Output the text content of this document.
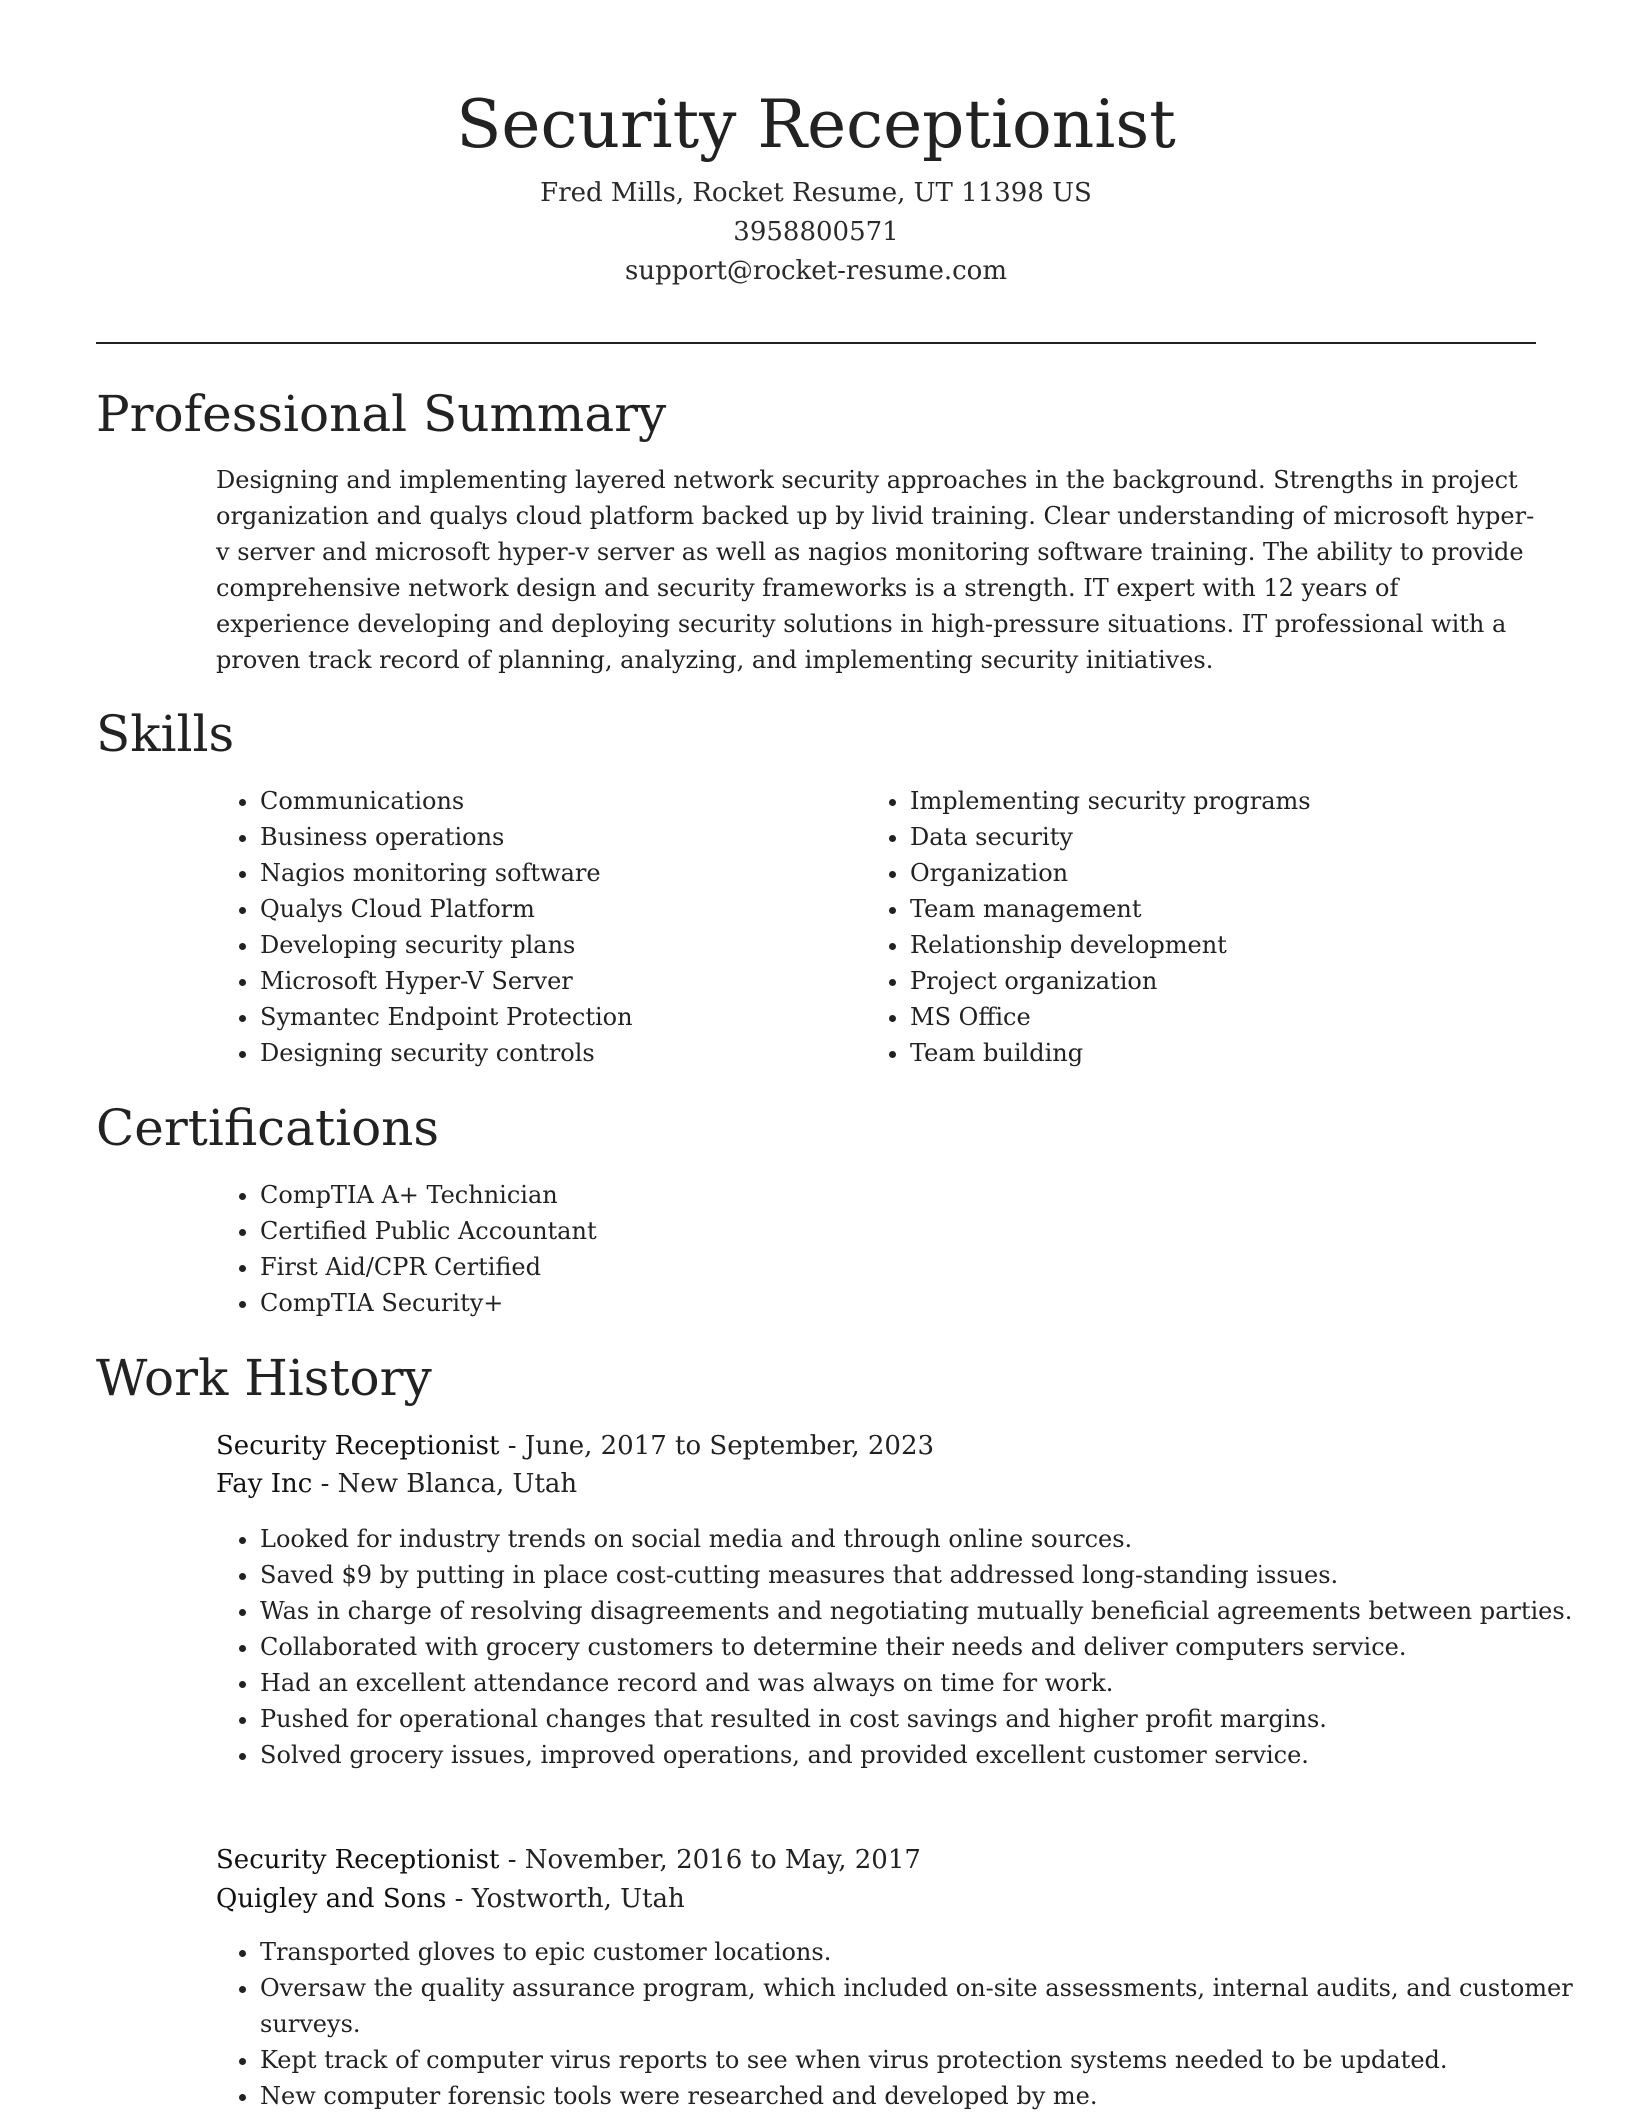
Security Receptionist
Fred Mills, Rocket Resume, UT 11398 US
3958800571
support@rocket-resume.com
Professional Summary

Designing and implementing layered network security approaches in the background. Strengths in project organization and qualys cloud platform backed up by livid training. Clear understanding of microsoft hyper-v server and microsoft hyper-v server as well as nagios monitoring software training. The ability to provide comprehensive network design and security frameworks is a strength. IT expert with 12 years of experience developing and deploying security solutions in high-pressure situations. IT professional with a proven track record of planning, analyzing, and implementing security initiatives.

Skills
• Communications
• Business operations
• Nagios monitoring software
• Qualys Cloud Platform
• Developing security plans
• Microsoft Hyper-V Server
• Symantec Endpoint Protection
• Designing security controls
• Implementing security programs
• Data security
• Organization
• Team management
• Relationship development
• Project organization
• MS Office
• Team building
Certifications
• CompTIA A+ Technician
• Certified Public Accountant
• First Aid/CPR Certified
• CompTIA Security+
Work History
Security Receptionist - June, 2017 to September, 2023
Fay Inc - New Blanca, Utah
• Looked for industry trends on social media and through online sources.
• Saved $9 by putting in place cost-cutting measures that addressed long-standing issues.
• Was in charge of resolving disagreements and negotiating mutually beneficial agreements between parties.
• Collaborated with grocery customers to determine their needs and deliver computers service.
• Had an excellent attendance record and was always on time for work.
• Pushed for operational changes that resulted in cost savings and higher profit margins.
• Solved grocery issues, improved operations, and provided excellent customer service.
Security Receptionist - November, 2016 to May, 2017
Quigley and Sons - Yostworth, Utah
• Transported gloves to epic customer locations.
• Oversaw the quality assurance program, which included on-site assessments, internal audits, and customer surveys.
• Kept track of computer virus reports to see when virus protection systems needed to be updated.
• New computer forensic tools were researched and developed by me.
